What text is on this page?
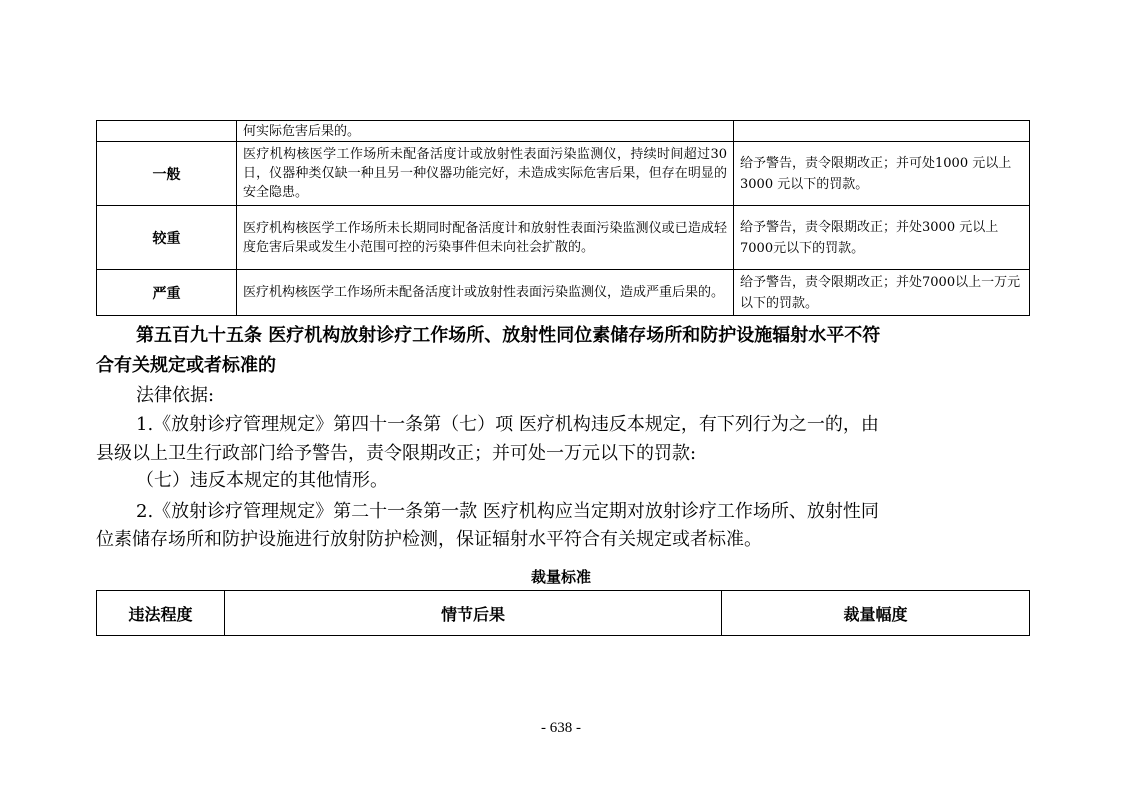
	何实际危害后果的。	
一般	医疗机构核医学工作场所未配备活度计或放射性表面污染监测仪，持续时间超过30日，仪器种类仅缺一种且另一种仪器功能完好，未造成实际危害后果，但存在明显的安全隐患。	给予警告，责令限期改正；并可处1000 元以上3000 元以下的罚款。
较重	医疗机构核医学工作场所未长期同时配备活度计和放射性表面污染监测仪或已造成轻度危害后果或发生小范围可控的污染事件但未向社会扩散的。	给予警告，责令限期改正；并处3000 元以上7000元以下的罚款。
严重	医疗机构核医学工作场所未配备活度计或放射性表面污染监测仪，造成严重后果的。	给予警告，责令限期改正；并处7000以上一万元以下的罚款。
第五百九十五条 医疗机构放射诊疗工作场所、放射性同位素储存场所和防护设施辐射水平不符
合有关规定或者标准的
法律依据:
1.《放射诊疗管理规定》第四十一条第（七）项 医疗机构违反本规定，有下列行为之一的，由
县级以上卫生行政部门给予警告，责令限期改正；并可处一万元以下的罚款:
（七）违反本规定的其他情形。
2.《放射诊疗管理规定》第二十一条第一款 医疗机构应当定期对放射诊疗工作场所、放射性同
位素储存场所和防护设施进行放射防护检测，保证辐射水平符合有关规定或者标准。
裁量标准
违法程度	情节后果	裁量幅度
- 638 -
